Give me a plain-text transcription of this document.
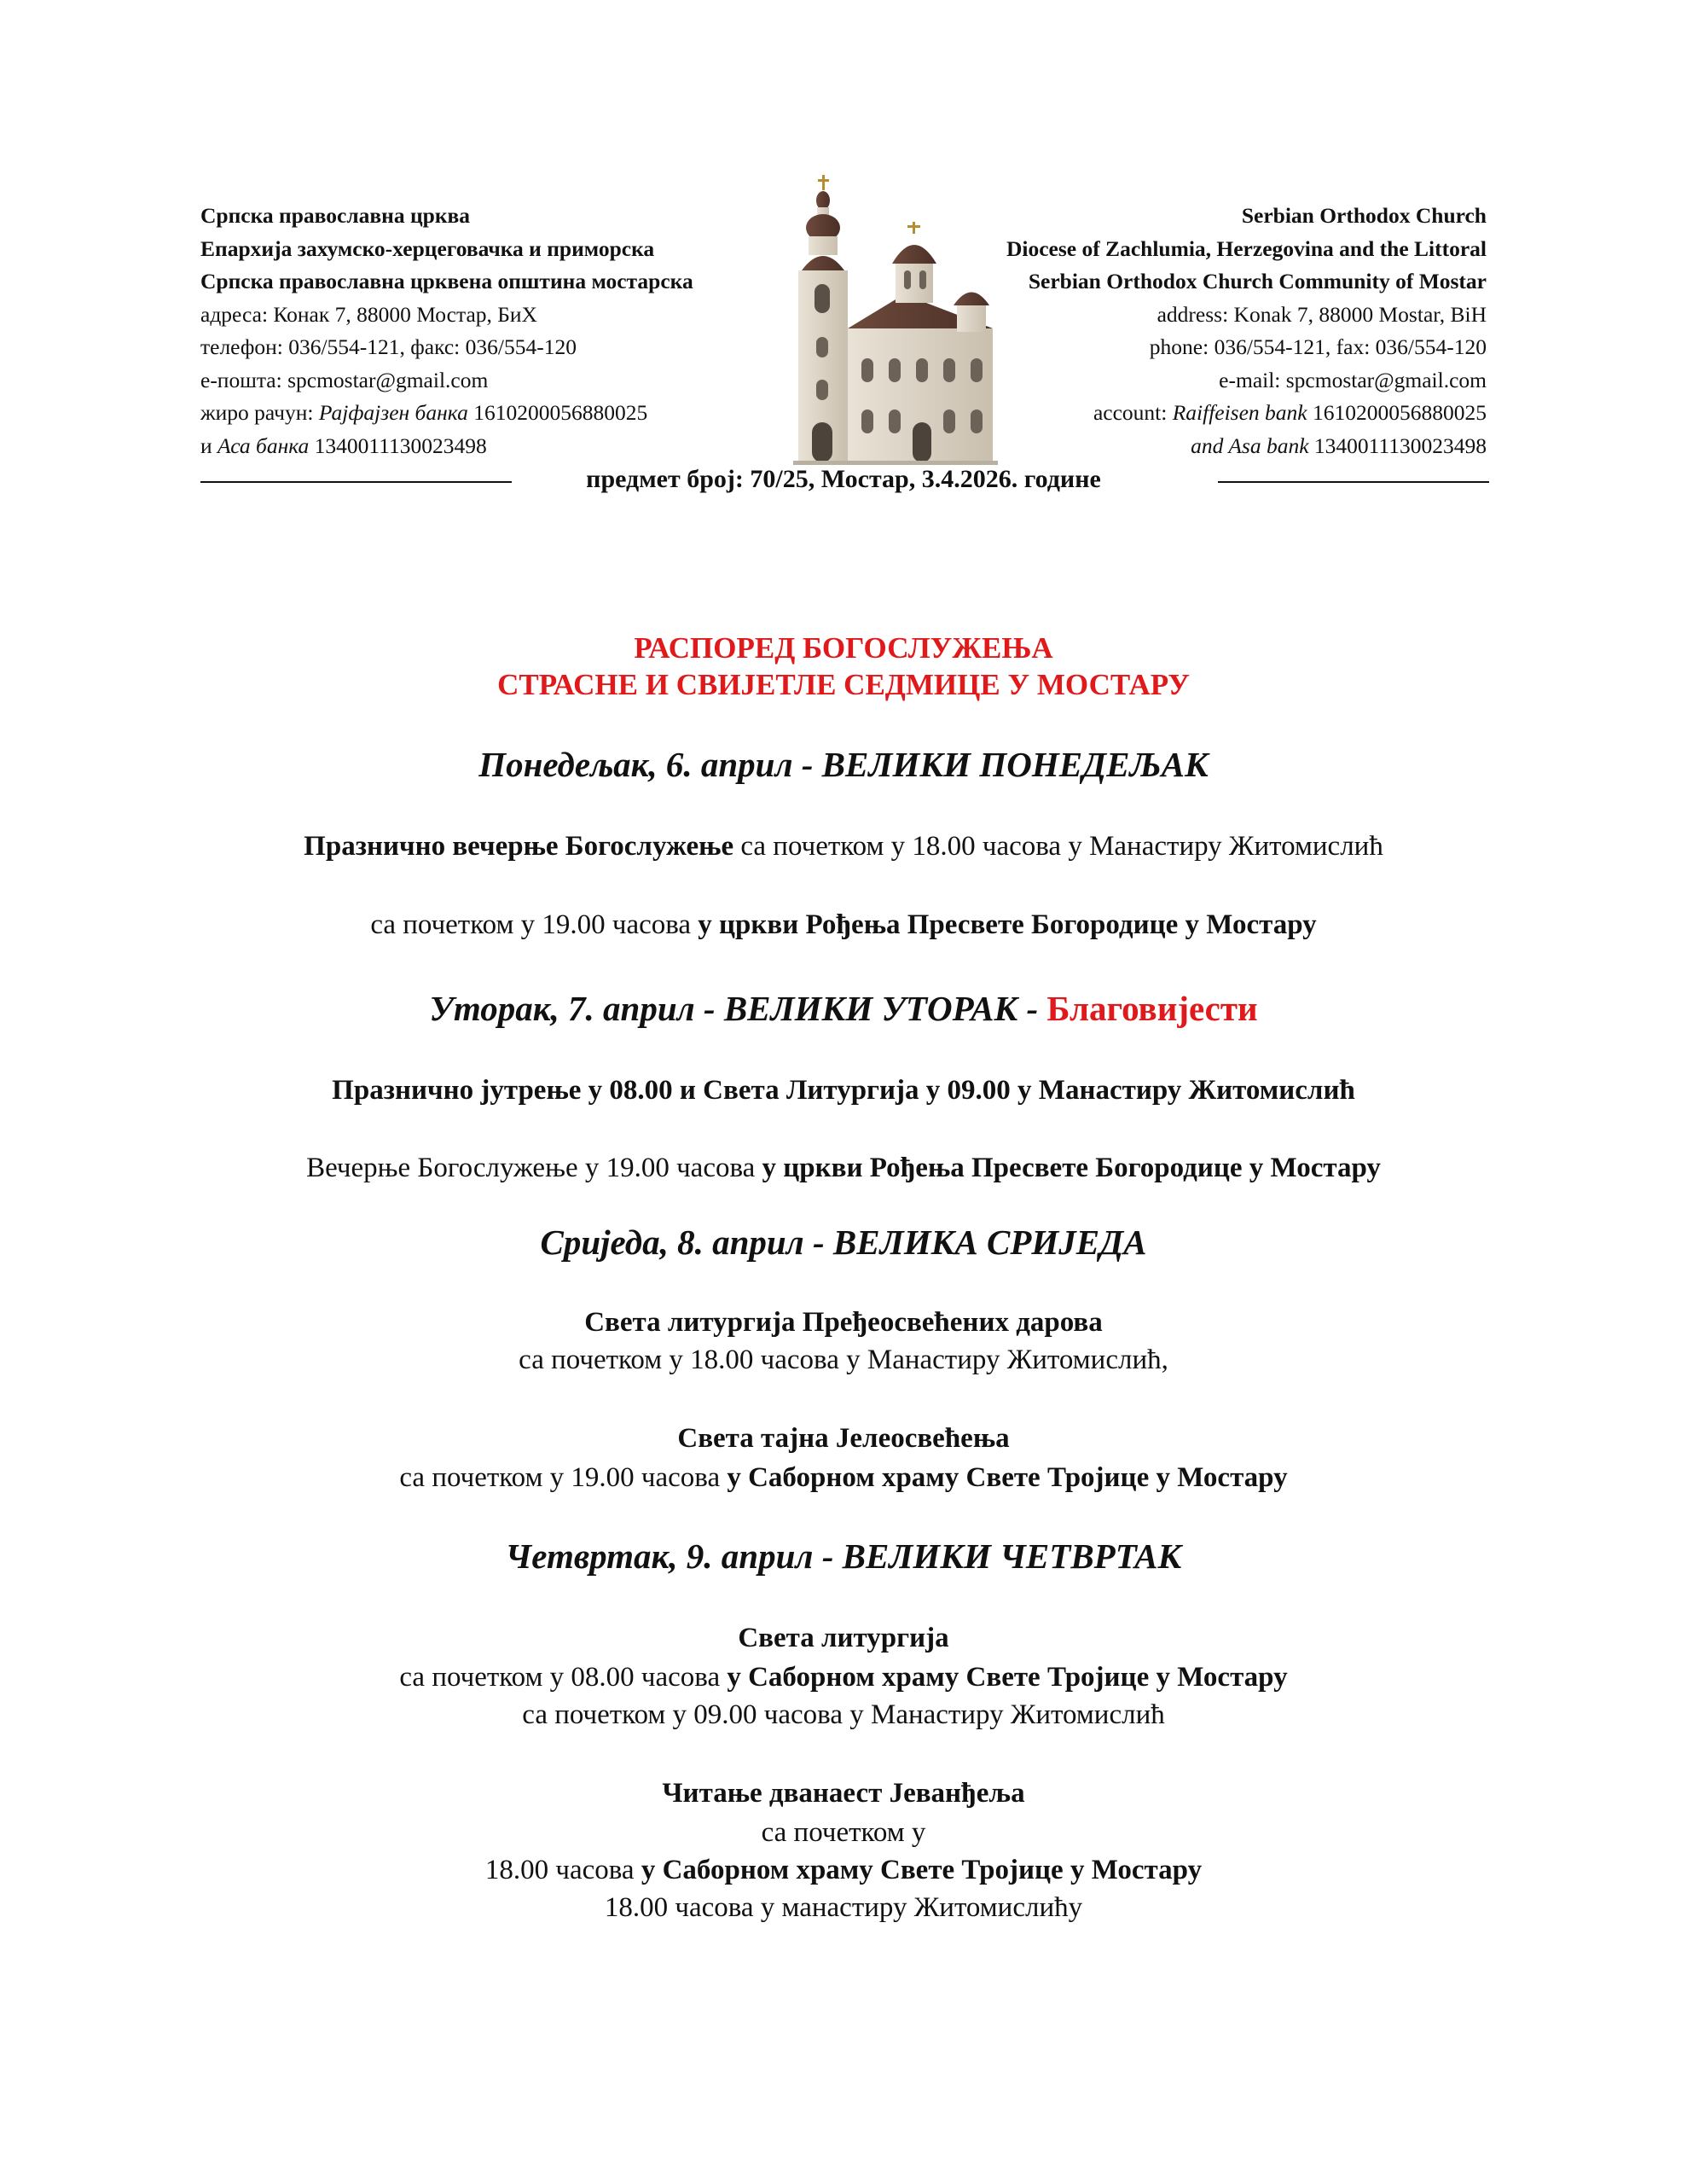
Српска православна црква
Епархија захумско-херцеговачка и приморска
Српска православна црквена општина мостарска
адреса: Конак 7, 88000 Мостар, БиХ
телефон: 036/554-121, факс: 036/554-120
е-пошта: spcmostar@gmail.com
жиро рачун: Рајфајзен банка 1610200056880025
и Аса банка 1340011130023498
Serbian Orthodox Church
Diocese of Zachlumia, Herzegovina and the Littoral
Serbian Orthodox Church Community of Mostar
address: Konak 7, 88000 Mostar, BiH
phone: 036/554-121, fax: 036/554-120
e-mail: spcmostar@gmail.com
account: Raiffeisen bank 1610200056880025
and Asa bank 1340011130023498
предмет број: 70/25, Мостар, 3.4.2026. године
РАСПОРЕД БОГОСЛУЖЕЊА
СТРАСНЕ И СВИЈЕТЛЕ СЕДМИЦЕ У МОСТАРУ
Понедељак, 6. април - ВЕЛИКИ ПОНЕДЕЉАК
Празнично вечерње Богослужење са почетком у 18.00 часова у Манастиру Житомислић
са почетком у 19.00 часова у цркви Рођења Пресвете Богородице у Мостару
Уторак, 7. април - ВЕЛИКИ УТОРАК - Благовијести
Празнично јутрење у 08.00 и Света Литургија у 09.00 у Манастиру Житомислић
Вечерње Богослужење у 19.00 часова у цркви Рођења Пресвете Богородице у Мостару
Сриједа, 8. април - ВЕЛИКА СРИЈЕДА
Света литургија Пређеосвећених дарова
са почетком у 18.00 часова у Манастиру Житомислић,
Света тајна Јелеосвећења
са почетком у 19.00 часова у Саборном храму Свете Тројице у Мостару
Четвртак, 9. април - ВЕЛИКИ ЧЕТВРТАК
Света литургија
са почетком у 08.00 часова у Саборном храму Свете Тројице у Мостару
са почетком у 09.00 часова у Манастиру Житомислић
Читање дванаест Јеванђеља
са почетком у
18.00 часова у Саборном храму Свете Тројице у Мостару
18.00 часова у манастиру Житомислићу
